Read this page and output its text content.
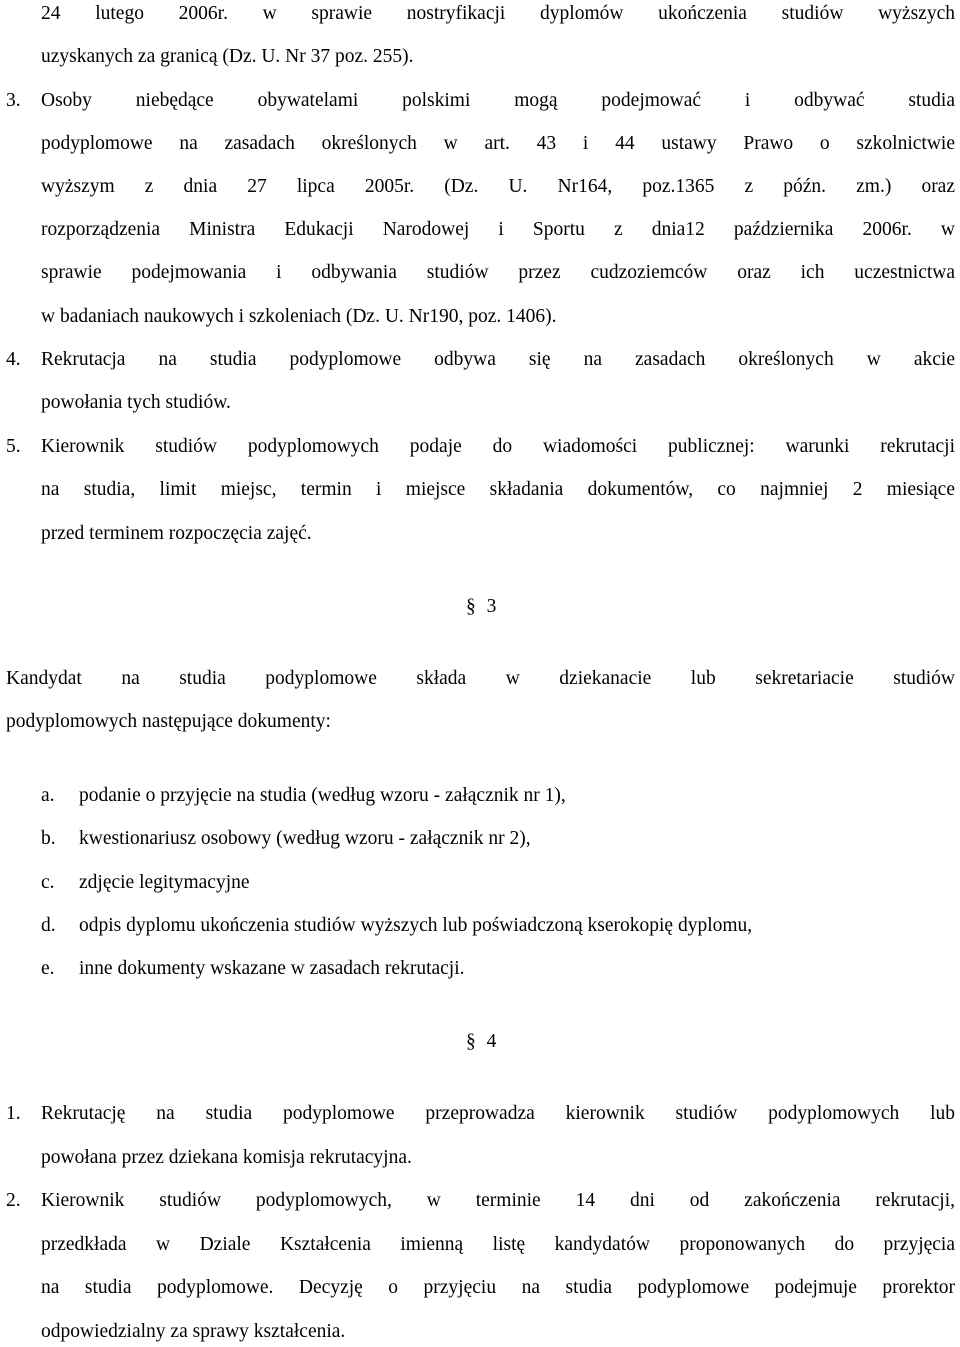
24 lutego 2006r. w sprawie nostryfikacji dyplomów ukończenia studiów wyższych
uzyskanych za granicą (Dz. U. Nr 37 poz. 255).
3. Osoby niebędące obywatelami polskimi mogą podejmować i odbywać studia
podyplomowe na zasadach określonych w art. 43 i 44 ustawy Prawo o szkolnictwie
wyższym z dnia 27 lipca 2005r. (Dz. U. Nr164, poz.1365 z późn. zm.) oraz
rozporządzenia Ministra Edukacji Narodowej i Sportu z dnia12 października 2006r. w
sprawie podejmowania i odbywania studiów przez cudzoziemców oraz ich uczestnictwa
w badaniach naukowych i szkoleniach (Dz. U. Nr190, poz. 1406).
4. Rekrutacja na studia podyplomowe odbywa się na zasadach określonych w akcie
powołania tych studiów.
5. Kierownik studiów podyplomowych podaje do wiadomości publicznej: warunki rekrutacji
na studia, limit miejsc, termin i miejsce składania dokumentów, co najmniej 2 miesiące
przed terminem rozpoczęcia zajęć.
§ 3
Kandydat na studia podyplomowe składa w dziekanacie lub sekretariacie studiów
podyplomowych następujące dokumenty:
a. podanie o przyjęcie na studia (według wzoru - załącznik nr 1),
b. kwestionariusz osobowy (według wzoru - załącznik nr 2),
c. zdjęcie legitymacyjne
d. odpis dyplomu ukończenia studiów wyższych lub poświadczoną kserokopię dyplomu,
e. inne dokumenty wskazane w zasadach rekrutacji.
§ 4
1. Rekrutację na studia podyplomowe przeprowadza kierownik studiów podyplomowych lub
powołana przez dziekana komisja rekrutacyjna.
2. Kierownik studiów podyplomowych, w terminie 14 dni od zakończenia rekrutacji,
przedkłada w Dziale Kształcenia imienną listę kandydatów proponowanych do przyjęcia
na studia podyplomowe. Decyzję o przyjęciu na studia podyplomowe podejmuje prorektor
odpowiedzialny za sprawy kształcenia.
